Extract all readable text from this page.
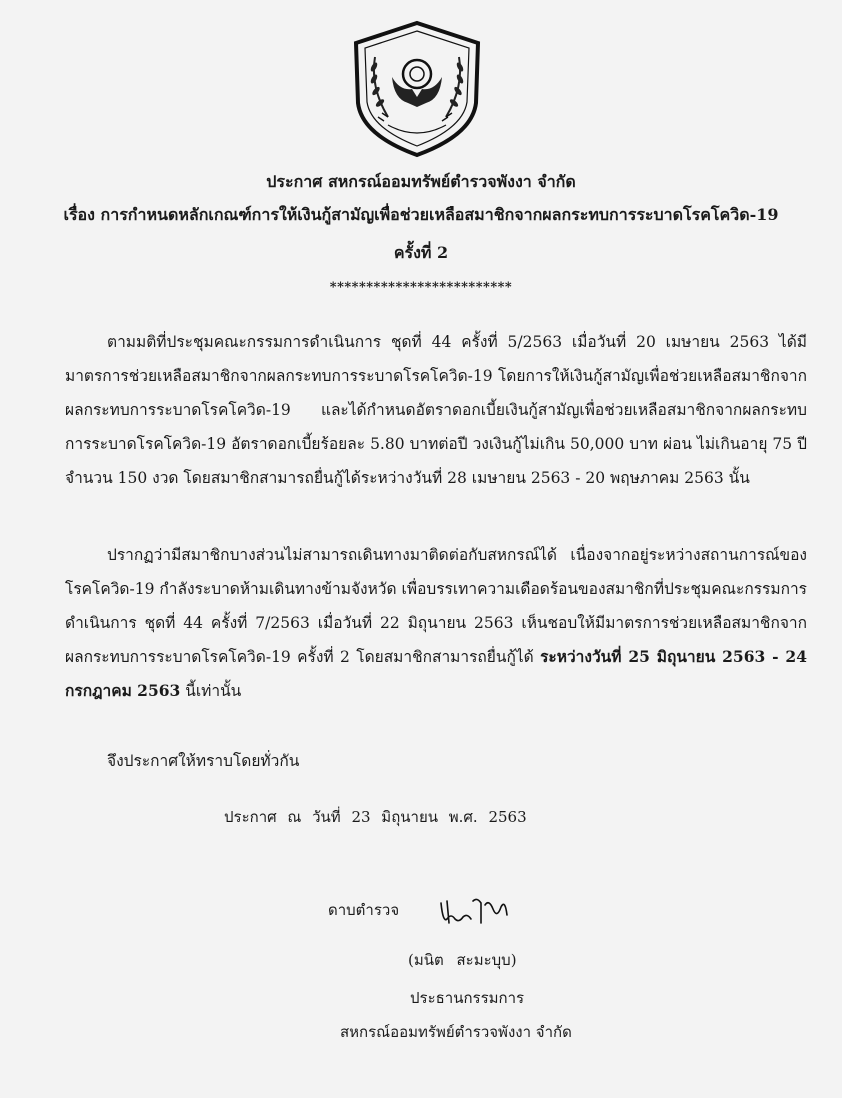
ประกาศ สหกรณ์ออมทรัพย์ตำรวจพังงา จำกัด
เรื่อง การกำหนดหลักเกณฑ์การให้เงินกู้สามัญเพื่อช่วยเหลือสมาชิกจากผลกระทบการระบาดโรคโควิด-19
ครั้งที่ 2
*************************

ตามมติที่ประชุมคณะกรรมการดำเนินการ ชุดที่ 44 ครั้งที่ 5/2563 เมื่อวันที่ 20 เมษายน 2563 ได้มีมาตรการช่วยเหลือสมาชิกจากผลกระทบการระบาดโรคโควิด-19 โดยการให้เงินกู้สามัญเพื่อช่วยเหลือสมาชิกจากผลกระทบการระบาดโรคโควิด-19 และได้กำหนดอัตราดอกเบี้ยเงินกู้สามัญเพื่อช่วยเหลือสมาชิกจากผลกระทบการระบาดโรคโควิด-19 อัตราดอกเบี้ยร้อยละ 5.80 บาทต่อปี วงเงินกู้ไม่เกิน 50,000 บาท ผ่อน ไม่เกินอายุ 75 ปี จำนวน 150 งวด โดยสมาชิกสามารถยื่นกู้ได้ระหว่างวันที่ 28 เมษายน 2563 - 20 พฤษภาคม 2563 นั้น

ปรากฏว่ามีสมาชิกบางส่วนไม่สามารถเดินทางมาติดต่อกับสหกรณ์ได้ เนื่องจากอยู่ระหว่างสถานการณ์ของโรคโควิด-19 กำลังระบาดห้ามเดินทางข้ามจังหวัด เพื่อบรรเทาความเดือดร้อนของสมาชิกที่ประชุมคณะกรรมการดำเนินการ ชุดที่ 44 ครั้งที่ 7/2563 เมื่อวันที่ 22 มิถุนายน 2563 เห็นชอบให้มีมาตรการช่วยเหลือสมาชิกจากผลกระทบการระบาดโรคโควิด-19 ครั้งที่ 2 โดยสมาชิกสามารถยื่นกู้ได้ ระหว่างวันที่ 25 มิถุนายน 2563 - 24 กรกฎาคม 2563 นี้เท่านั้น

จึงประกาศให้ทราบโดยทั่วกัน
ประกาศ ณ วันที่ 23 มิถุนายน พ.ศ. 2563
ดาบตำรวจ
(มนิต สะมะบุบ)
ประธานกรรมการ
สหกรณ์ออมทรัพย์ตำรวจพังงา จำกัด
